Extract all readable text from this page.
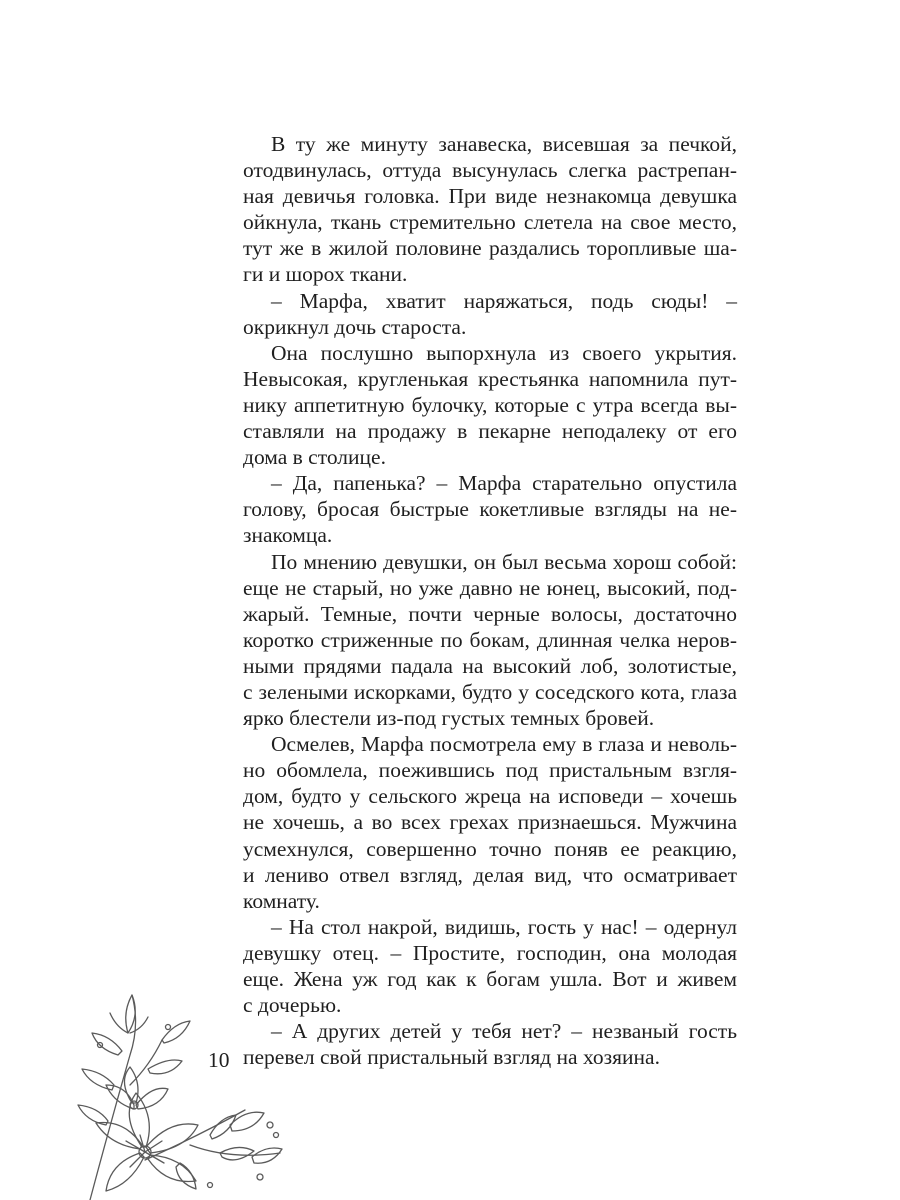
В ту же минуту занавеска, висевшая за печкой,

отодвинулась, оттуда высунулась слегка растрепан-

ная девичья головка. При виде незнакомца девушка

ойкнула, ткань стремительно слетела на свое место,

тут же в жилой половине раздались торопливые ша-

ги и шорох ткани.

– Марфа, хватит наряжаться, подь сюды! –

окрикнул дочь староста.

Она послушно выпорхнула из своего укрытия.

Невысокая, кругленькая крестьянка напомнила пут-

нику аппетитную булочку, которые с утра всегда вы-

ставляли на продажу в пекарне неподалеку от его

дома в столице.

– Да, папенька? – Марфа старательно опустила

голову, бросая быстрые кокетливые взгляды на не-

знакомца.

По мнению девушки, он был весьма хорош собой:

еще не старый, но уже давно не юнец, высокий, под-

жарый. Темные, почти черные волосы, достаточно

коротко стриженные по бокам, длинная челка неров-

ными прядями падала на высокий лоб, золотистые,

с зелеными искорками, будто у соседского кота, глаза

ярко блестели из-под густых темных бровей.

Осмелев, Марфа посмотрела ему в глаза и неволь-

но обомлела, поежившись под пристальным взгля-

дом, будто у сельского жреца на исповеди – хочешь

не хочешь, а во всех грехах признаешься. Мужчина

усмехнулся, совершенно точно поняв ее реакцию,

и лениво отвел взгляд, делая вид, что осматривает

комнату.

– На стол накрой, видишь, гость у нас! – одернул

девушку отец. – Простите, господин, она молодая

еще. Жена уж год как к богам ушла. Вот и живем

с дочерью.

– А других детей у тебя нет? – незваный гость

перевел свой пристальный взгляд на хозяина.

10
